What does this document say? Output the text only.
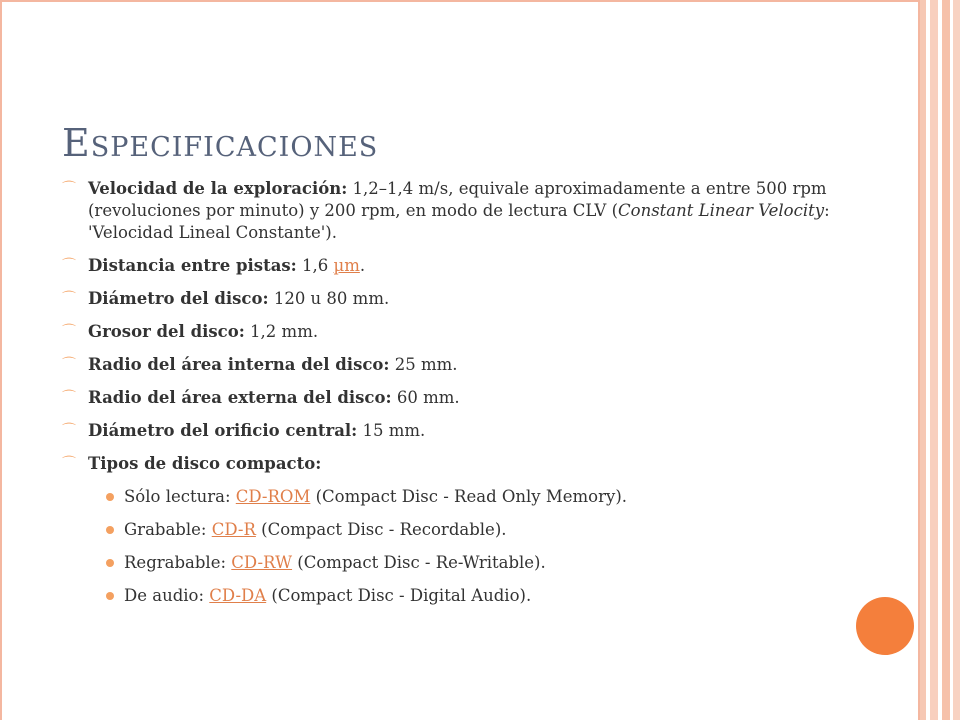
Especificaciones
⌒ Velocidad de la exploración: 1,2–1,4 m/s, equivale aproximadamente a entre 500 rpm (revoluciones por minuto) y 200 rpm, en modo de lectura CLV (Constant Linear Velocity: 'Velocidad Lineal Constante').
⌒ Distancia entre pistas: 1,6 µm.
⌒ Diámetro del disco: 120 u 80 mm.
⌒ Grosor del disco: 1,2 mm.
⌒ Radio del área interna del disco: 25 mm.
⌒ Radio del área externa del disco: 60 mm.
⌒ Diámetro del orificio central: 15 mm.
⌒ Tipos de disco compacto:
Sólo lectura: CD-ROM (Compact Disc - Read Only Memory).
Grabable: CD-R (Compact Disc - Recordable).
Regrabable: CD-RW (Compact Disc - Re-Writable).
De audio: CD-DA (Compact Disc - Digital Audio).
